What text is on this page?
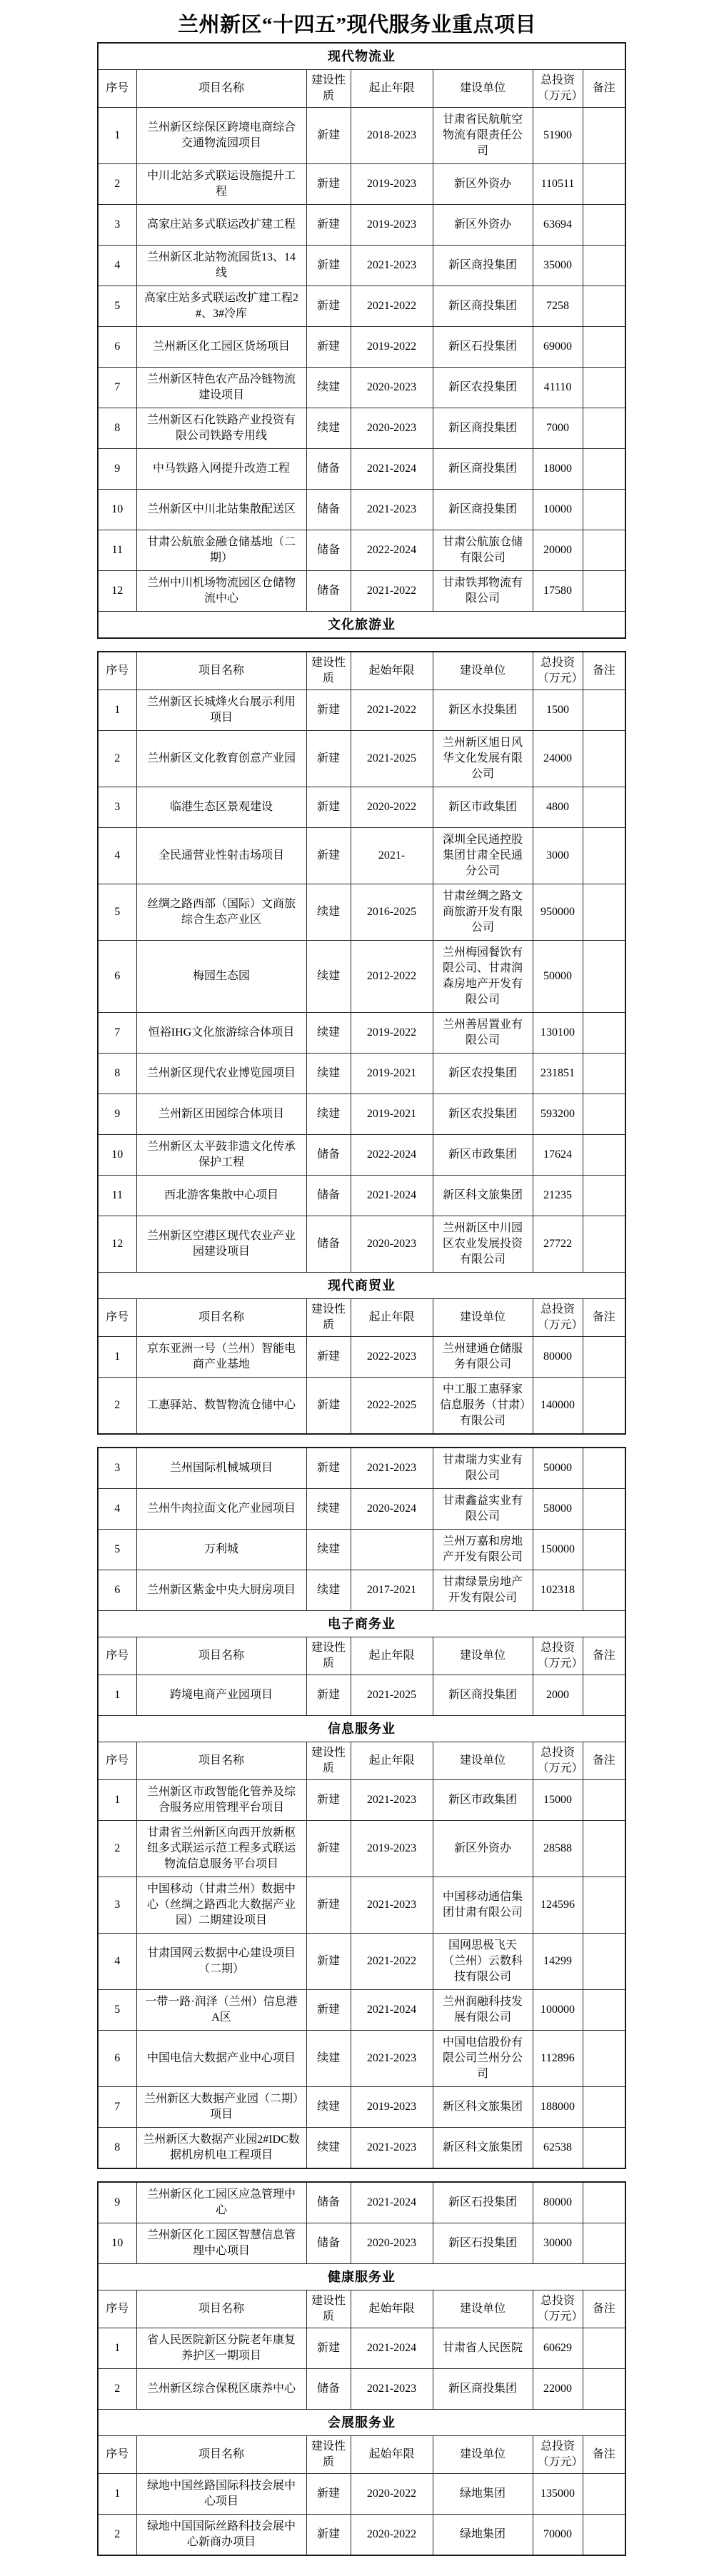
兰州新区“十四五”现代服务业重点项目
现代物流业						
序号	项目名称	建设性质	起止年限	建设单位	总投资（万元）	备注
1	兰州新区综保区跨境电商综合交通物流园项目	新建	2018-2023	甘肃省民航航空物流有限责任公司	51900	
2	中川北站多式联运设施提升工程	新建	2019-2023	新区外资办	110511	
3	高家庄站多式联运改扩建工程	新建	2019-2023	新区外资办	63694	
4	兰州新区北站物流园货13、14线	新建	2021-2023	新区商投集团	35000	
5	高家庄站多式联运改扩建工程2#、3#冷库	新建	2021-2022	新区商投集团	7258	
6	兰州新区化工园区货场项目	新建	2019-2022	新区石投集团	69000	
7	兰州新区特色农产品冷链物流建设项目	续建	2020-2023	新区农投集团	41110	
8	兰州新区石化铁路产业投资有限公司铁路专用线	续建	2020-2023	新区商投集团	7000	
9	中马铁路入网提升改造工程	储备	2021-2024	新区商投集团	18000	
10	兰州新区中川北站集散配送区	储备	2021-2023	新区商投集团	10000	
11	甘肃公航旅金融仓储基地（二期）	储备	2022-2024	甘肃公航旅仓储有限公司	20000	
12	兰州中川机场物流园区仓储物流中心	储备	2021-2022	甘肃铁邦物流有限公司	17580	
文化旅游业						
序号	项目名称	建设性质	起始年限	建设单位	总投资（万元）	备注
1	兰州新区长城烽火台展示利用项目	新建	2021-2022	新区水投集团	1500	
2	兰州新区文化教育创意产业园	新建	2021-2025	兰州新区旭日风华文化发展有限公司	24000	
3	临港生态区景观建设	新建	2020-2022	新区市政集团	4800	
4	全民通营业性射击场项目	新建	2021-	深圳全民通控股集团甘肃全民通分公司	3000	
5	丝绸之路西部（国际）文商旅综合生态产业区	续建	2016-2025	甘肃丝绸之路文商旅游开发有限公司	950000	
6	梅园生态园	续建	2012-2022	兰州梅园餐饮有限公司、甘肃润森房地产开发有限公司	50000	
7	恒裕IHG文化旅游综合体项目	续建	2019-2022	兰州善居置业有限公司	130100	
8	兰州新区现代农业博览园项目	续建	2019-2021	新区农投集团	231851	
9	兰州新区田园综合体项目	续建	2019-2021	新区农投集团	593200	
10	兰州新区太平鼓非遗文化传承保护工程	储备	2022-2024	新区市政集团	17624	
11	西北游客集散中心项目	储备	2021-2024	新区科文旅集团	21235	
12	兰州新区空港区现代农业产业园建设项目	储备	2020-2023	兰州新区中川园区农业发展投资有限公司	27722	
现代商贸业						
序号	项目名称	建设性质	起止年限	建设单位	总投资（万元）	备注
1	京东亚洲一号（兰州）智能电商产业基地	新建	2022-2023	兰州建通仓储服务有限公司	80000	
2	工惠驿站、数智物流仓储中心	新建	2022-2025	中工服工惠驿家信息服务（甘肃）有限公司	140000	
3	兰州国际机械城项目	新建	2021-2023	甘肃瑞力实业有限公司	50000	
4	兰州牛肉拉面文化产业园项目	续建	2020-2024	甘肃鑫益实业有限公司	58000	
5	万利城	续建		兰州万嘉和房地产开发有限公司	150000	
6	兰州新区紫金中央大厨房项目	续建	2017-2021	甘肃绿景房地产开发有限公司	102318	
电子商务业						
序号	项目名称	建设性质	起止年限	建设单位	总投资（万元）	备注
1	跨境电商产业园项目	新建	2021-2025	新区商投集团	2000	
信息服务业						
序号	项目名称	建设性质	起止年限	建设单位	总投资（万元）	备注
1	兰州新区市政智能化管养及综合服务应用管理平台项目	新建	2021-2023	新区市政集团	15000	
2	甘肃省兰州新区向西开放新枢纽多式联运示范工程多式联运物流信息服务平台项目	新建	2019-2023	新区外资办	28588	
3	中国移动（甘肃兰州）数据中心（丝绸之路西北大数据产业园）二期建设项目	新建	2021-2023	中国移动通信集团甘肃有限公司	124596	
4	甘肃国网云数据中心建设项目（二期）	新建	2021-2022	国网思极飞天（兰州）云数科技有限公司	14299	
5	一带一路·润泽（兰州）信息港A区	新建	2021-2024	兰州润融科技发展有限公司	100000	
6	中国电信大数据产业中心项目	续建	2021-2023	中国电信股份有限公司兰州分公司	112896	
7	兰州新区大数据产业园（二期）项目	续建	2019-2023	新区科文旅集团	188000	
8	兰州新区大数据产业园2#IDC数据机房机电工程项目	续建	2021-2023	新区科文旅集团	62538	
9	兰州新区化工园区应急管理中心	储备	2021-2024	新区石投集团	80000	
10	兰州新区化工园区智慧信息管理中心项目	储备	2020-2023	新区石投集团	30000	
健康服务业						
序号	项目名称	建设性质	起始年限	建设单位	总投资（万元）	备注
1	省人民医院新区分院老年康复养护区一期项目	新建	2021-2024	甘肃省人民医院	60629	
2	兰州新区综合保税区康养中心	储备	2021-2023	新区商投集团	22000	
会展服务业						
序号	项目名称	建设性质	起始年限	建设单位	总投资（万元）	备注
1	绿地中国丝路国际科技会展中心项目	新建	2020-2022	绿地集团	135000	
2	绿地中国国际丝路科技会展中心新商办项目	新建	2020-2022	绿地集团	70000	
